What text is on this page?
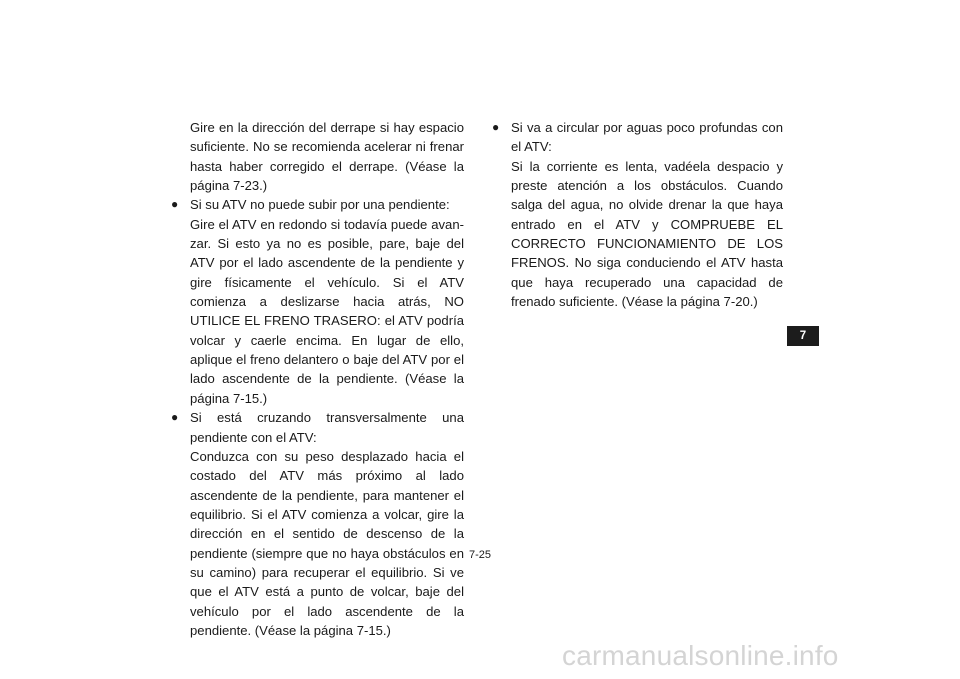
Gire en la dirección del derrape si hay espacio suficiente. No se recomienda acelerar ni frenar hasta haber corregido el derrape. (Véase la página 7-23.)

● Si su ATV no puede subir por una pendiente:

Gire el ATV en redondo si todavía puede avanzar. Si esto ya no es posible, pare, baje del ATV por el lado ascendente de la pendiente y gire físicamente el vehículo. Si el ATV comienza a deslizarse hacia atrás, NO UTILICE EL FRENO TRASERO: el ATV podría volcar y caerle encima. En lugar de ello, aplique el freno delantero o baje del ATV por el lado ascendente de la pendiente. (Véase la página 7-15.)

● Si está cruzando transversalmente una pendiente con el ATV:

Conduzca con su peso desplazado hacia el costado del ATV más próximo al lado ascendente de la pendiente, para mantener el equilibrio. Si el ATV comienza a volcar, gire la dirección en el sentido de descenso de la pendiente (siempre que no haya obstáculos en su camino) para recuperar el equilibrio. Si ve que el ATV está a punto de volcar, baje del vehículo por el lado ascendente de la pendiente. (Véase la página 7-15.)

● Si va a circular por aguas poco profundas con el ATV:

Si la corriente es lenta, vadéela despacio y preste atención a los obstáculos. Cuando salga del agua, no olvide drenar la que haya entrado en el ATV y COMPRUEBE EL CORRECTO FUNCIONAMIENTO DE LOS FRENOS. No siga conduciendo el ATV hasta que haya recuperado una capacidad de frenado suficiente. (Véase la página 7-20.)

7
7-25
carmanualsonline.info
